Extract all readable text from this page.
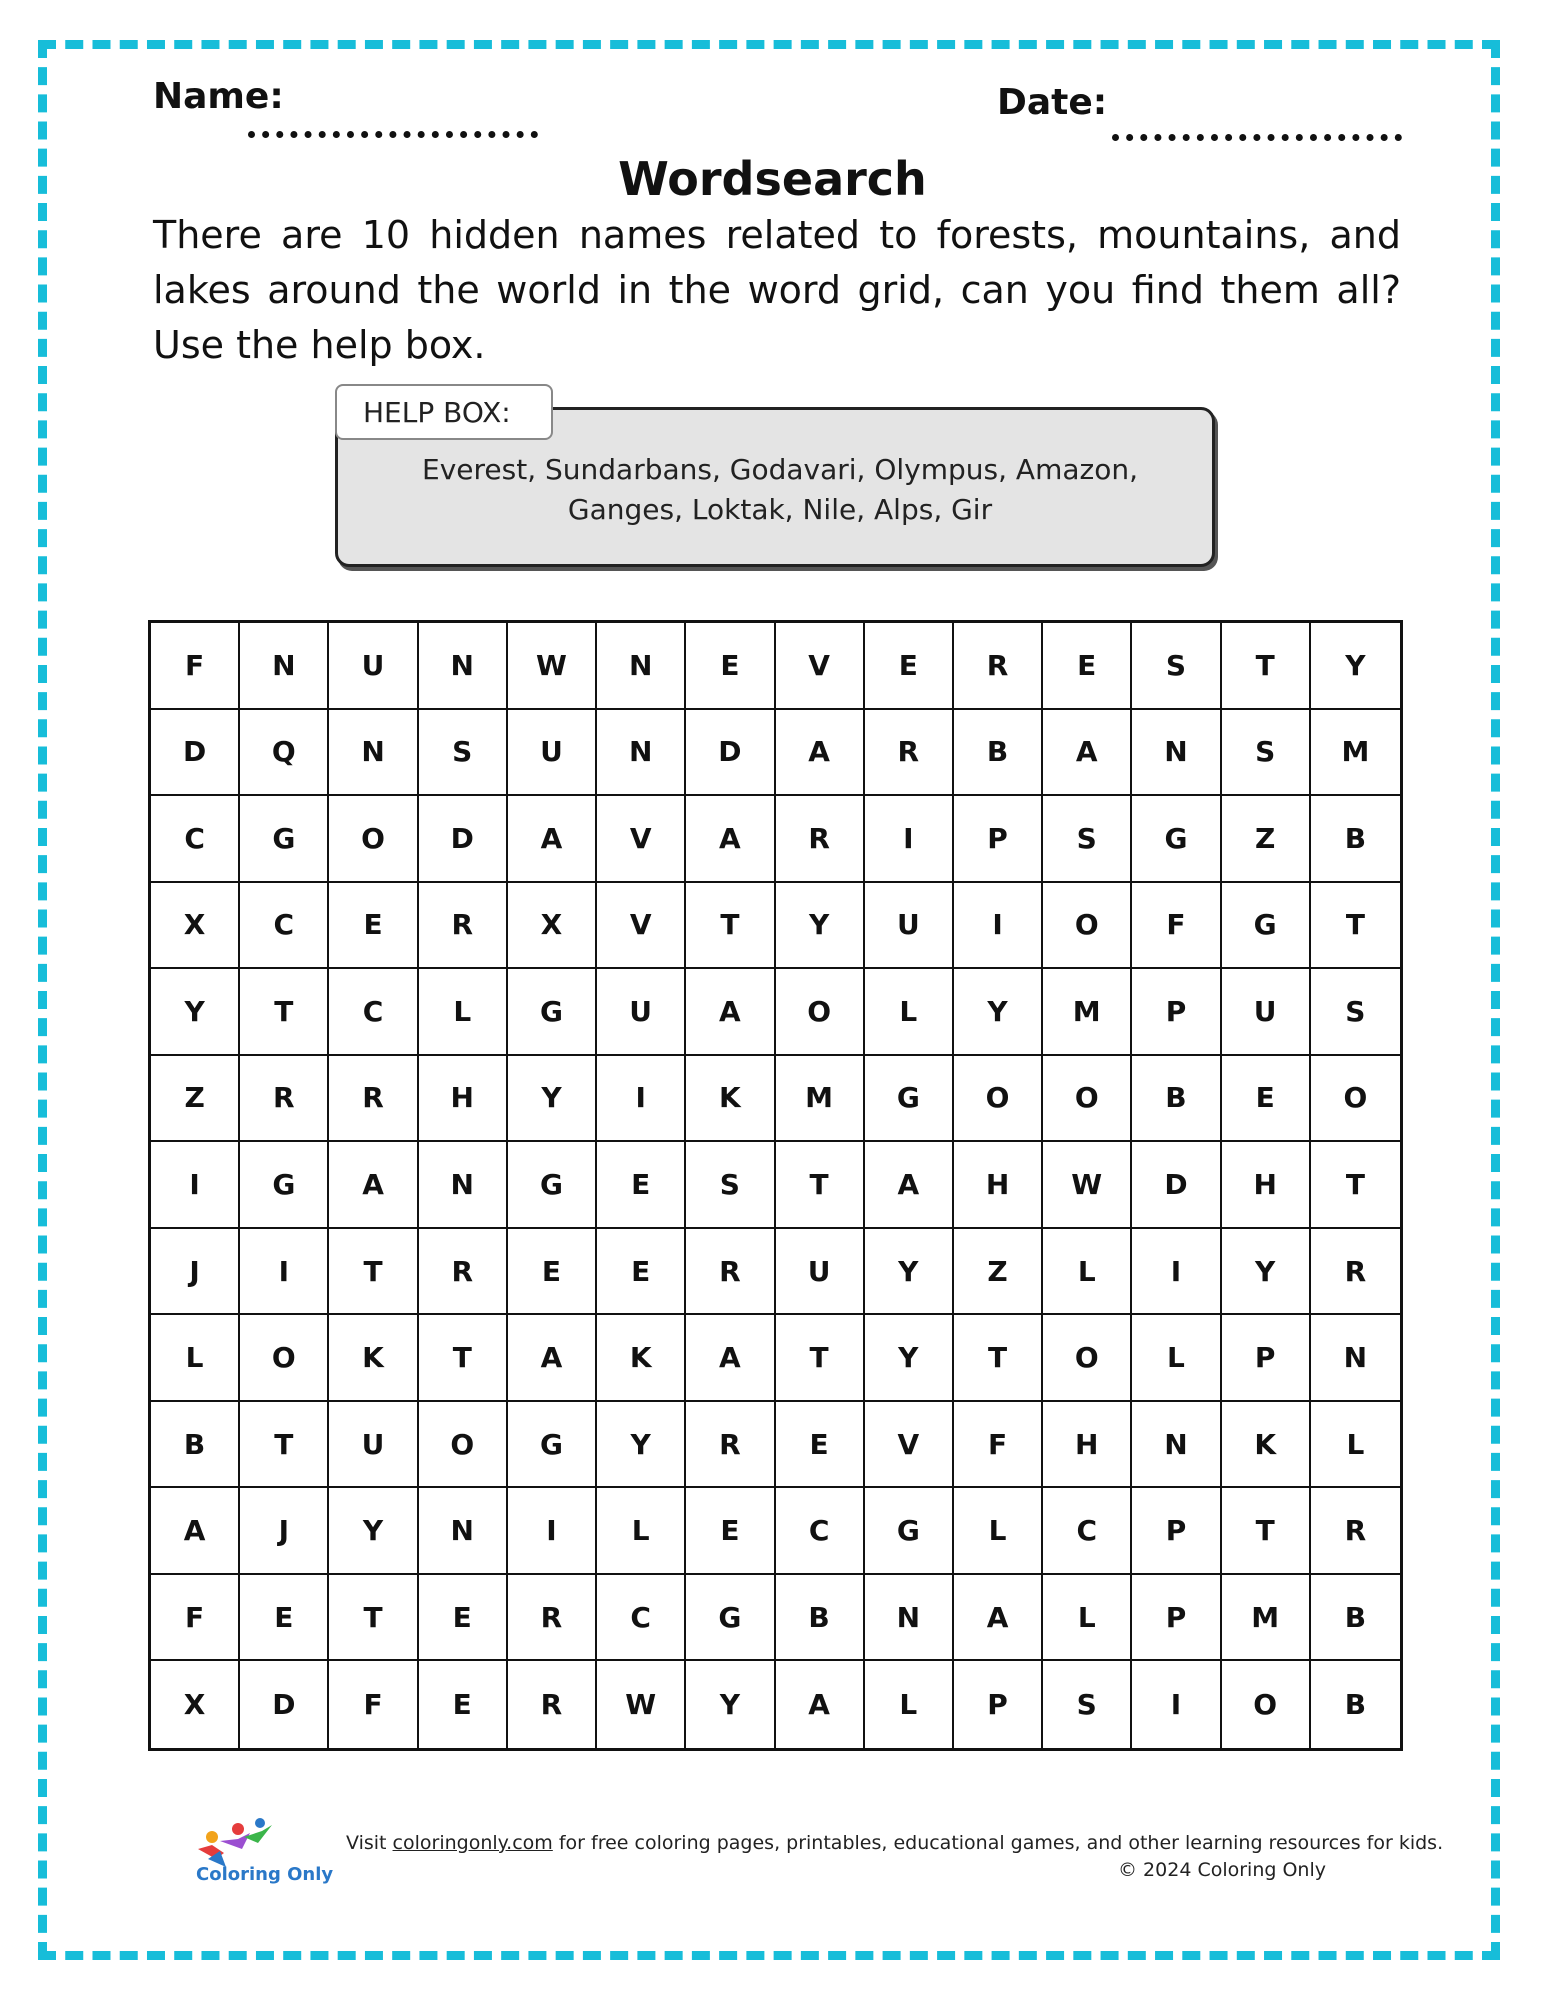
Name:	Date:
Wordsearch
There are 10 hidden names related to forests, mountains, and lakes around the world in the word grid, can you find them all? Use the help box.
HELP BOX:
Everest, Sundarbans, Godavari, Olympus, Amazon,
Ganges, Loktak, Nile, Alps, Gir
F	N	U	N	W	N	E	V	E	R	E	S	T	Y
D	Q	N	S	U	N	D	A	R	B	A	N	S	M
C	G	O	D	A	V	A	R	I	P	S	G	Z	B
X	C	E	R	X	V	T	Y	U	I	O	F	G	T
Y	T	C	L	G	U	A	O	L	Y	M	P	U	S
Z	R	R	H	Y	I	K	M	G	O	O	B	E	O
I	G	A	N	G	E	S	T	A	H	W	D	H	T
J	I	T	R	E	E	R	U	Y	Z	L	I	Y	R
L	O	K	T	A	K	A	T	Y	T	O	L	P	N
B	T	U	O	G	Y	R	E	V	F	H	N	K	L
A	J	Y	N	I	L	E	C	G	L	C	P	T	R
F	E	T	E	R	C	G	B	N	A	L	P	M	B
X	D	F	E	R	W	Y	A	L	P	S	I	O	B
Coloring Only
Visit coloringonly.com for free coloring pages, printables, educational games, and other learning resources for kids.
© 2024 Coloring Only
